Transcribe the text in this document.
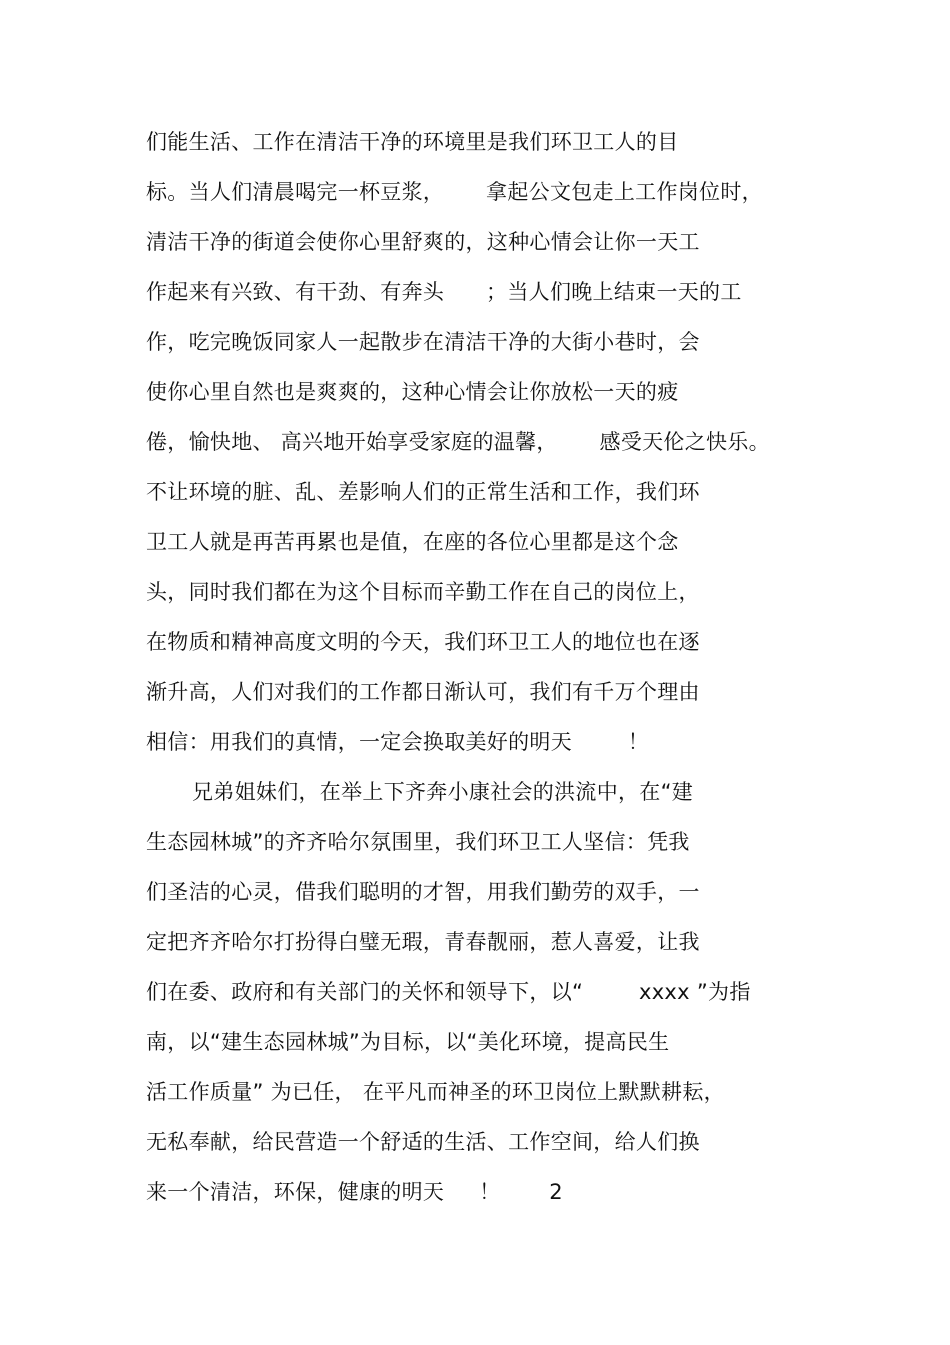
们能生活、工作在清洁干净的环境里是我们环卫工人的目
标。当人们清晨喝完一杯豆浆，      拿起公文包走上工作岗位时，
清洁干净的街道会使你心里舒爽的，这种心情会让你一天工
作起来有兴致、有干劲、有奔头      ；当人们晚上结束一天的工
作，吃完晚饭同家人一起散步在清洁干净的大街小巷时，会
使你心里自然也是爽爽的，这种心情会让你放松一天的疲
倦，愉快地、 高兴地开始享受家庭的温馨，      感受天伦之快乐。
不让环境的脏、乱、差影响人们的正常生活和工作，我们环
卫工人就是再苦再累也是值，在座的各位心里都是这个念
头，同时我们都在为这个目标而辛勤工作在自己的岗位上，
在物质和精神高度文明的今天，我们环卫工人的地位也在逐
渐升高，人们对我们的工作都日渐认可，我们有千万个理由
相信：用我们的真情，一定会换取美好的明天        ！
兄弟姐妹们，在举上下齐奔小康社会的洪流中，在“建
生态园林城”的齐齐哈尔氛围里，我们环卫工人坚信：凭我
们圣洁的心灵，借我们聪明的才智，用我们勤劳的双手，一
定把齐齐哈尔打扮得白璧无瑕，青春靓丽，惹人喜爱，让我
们在委、政府和有关部门的关怀和领导下，以“        xxxx ”为指
南，以“建生态园林城”为目标，以“美化环境，提高民生
活工作质量” 为已任， 在平凡而神圣的环卫岗位上默默耕耘，
无私奉献，给民营造一个舒适的生活、工作空间，给人们换
来一个清洁，环保，健康的明天     ！       2
